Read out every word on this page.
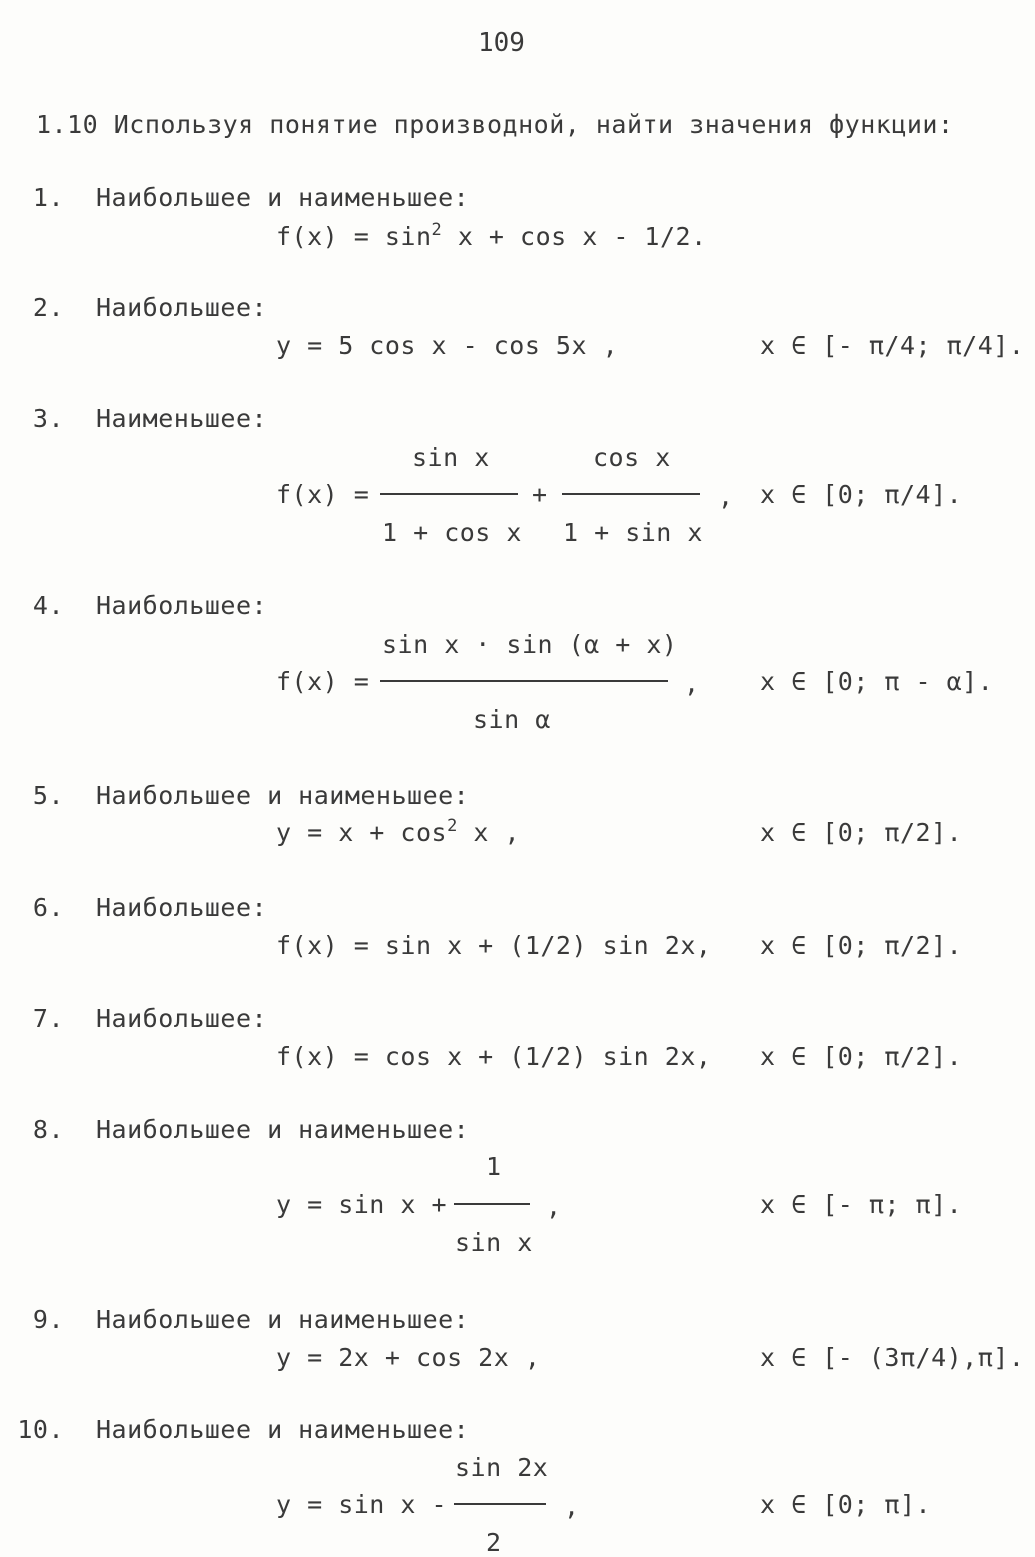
109
1.10 Используя понятие производной, найти значения функции:
1. Наибольшее и наименьшее:
$f(x) = \sin^2 x + \cos x - 1/2$.
2. Наибольшее:
y = 5 cos x - cos 5x ,	x ∈ [- π/4; π/4].
3. Наименьшее:
f(x) =
sin x
1 + cos x
+
cos x
1 + sin x
, x ∈ [0; π/4].
4. Наибольшее:
f(x) =
sin x · sin (α + x)
sin α
, x ∈ [0; π - α].
5. Наибольшее и наименьшее:
$y = x + \cos^2 x$ ,	x ∈ [0; π/2].
6. Наибольшее:
f(x) = sin x + (1/2) sin 2x, x ∈ [0; π/2].
7. Наибольшее:
f(x) = cos x + (1/2) sin 2x, x ∈ [0; π/2].
8. Наибольшее и наименьшее:
y = sin x +
1
sin x
,	x ∈ [- π; π].
9. Наибольшее и наименьшее:
y = 2x + cos 2x ,	x ∈ [- (3π/4),π].
10. Наибольшее и наименьшее:
y = sin x -
sin 2x
2
,	x ∈ [0; π].
